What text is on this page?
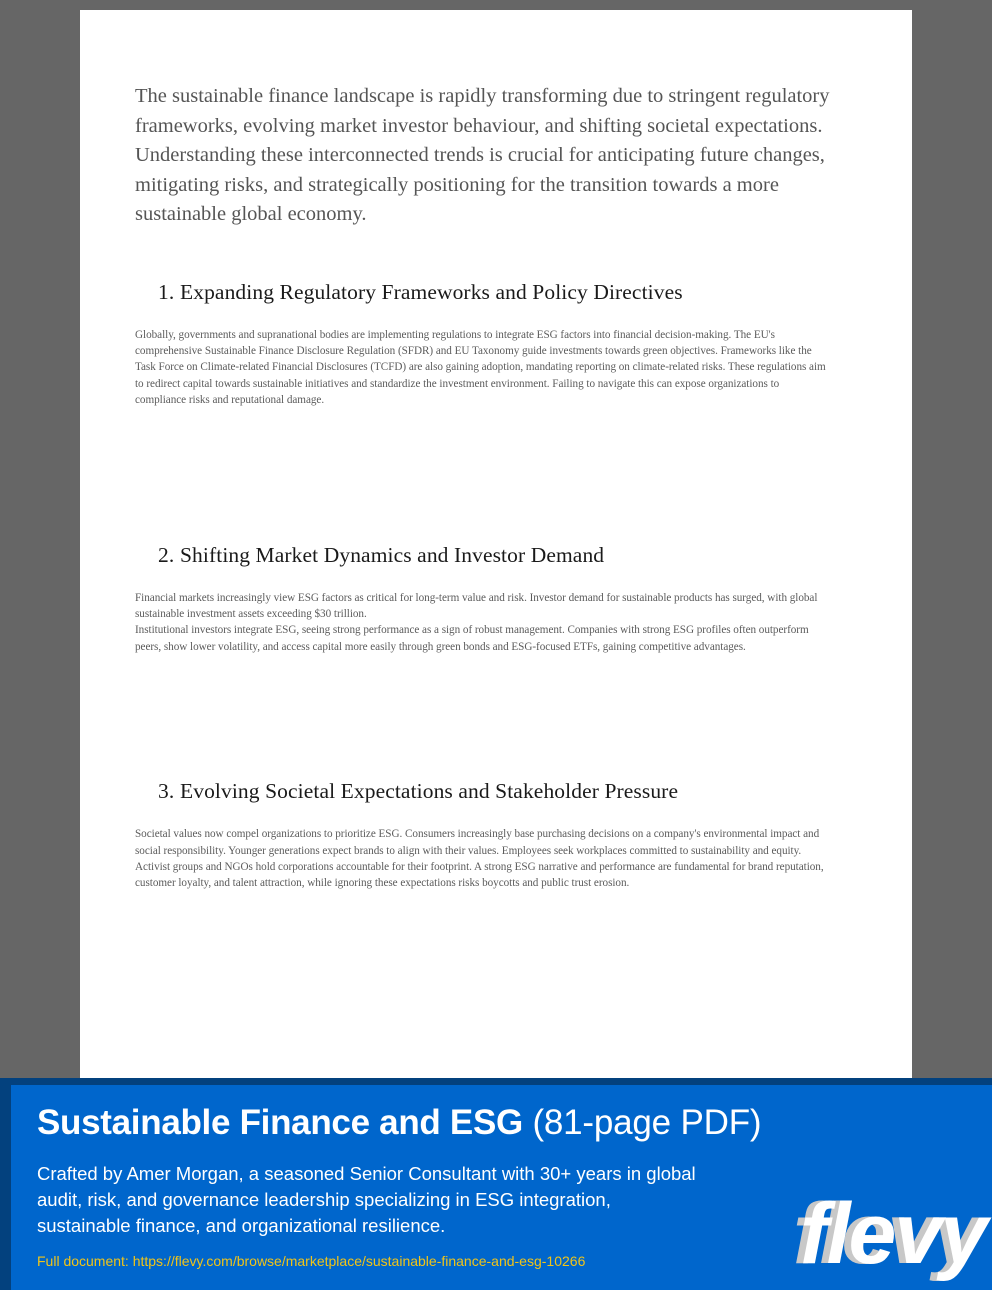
The sustainable finance landscape is rapidly transforming due to stringent regulatory frameworks, evolving market investor behaviour, and shifting societal expectations. Understanding these interconnected trends is crucial for anticipating future changes, mitigating risks, and strategically positioning for the transition towards a more sustainable global economy.

1. Expanding Regulatory Frameworks and Policy Directives

Globally, governments and supranational bodies are implementing regulations to integrate ESG factors into financial decision-making. The EU's comprehensive Sustainable Finance Disclosure Regulation (SFDR) and EU Taxonomy guide investments towards green objectives. Frameworks like the Task Force on Climate-related Financial Disclosures (TCFD) are also gaining adoption, mandating reporting on climate-related risks. These regulations aim to redirect capital towards sustainable initiatives and standardize the investment environment. Failing to navigate this can expose organizations to compliance risks and reputational damage.

2. Shifting Market Dynamics and Investor Demand

Financial markets increasingly view ESG factors as critical for long-term value and risk. Investor demand for sustainable products has surged, with global sustainable investment assets exceeding $30 trillion.

Institutional investors integrate ESG, seeing strong performance as a sign of robust management. Companies with strong ESG profiles often outperform peers, show lower volatility, and access capital more easily through green bonds and ESG-focused ETFs, gaining competitive advantages.

3. Evolving Societal Expectations and Stakeholder Pressure

Societal values now compel organizations to prioritize ESG. Consumers increasingly base purchasing decisions on a company's environmental impact and social responsibility. Younger generations expect brands to align with their values. Employees seek workplaces committed to sustainability and equity. Activist groups and NGOs hold corporations accountable for their footprint. A strong ESG narrative and performance are fundamental for brand reputation, customer loyalty, and talent attraction, while ignoring these expectations risks boycotts and public trust erosion.

Sustainable Finance and ESG (81-page PDF)

Crafted by Amer Morgan, a seasoned Senior Consultant with 30+ years in global audit, risk, and governance leadership specializing in ESG integration, sustainable finance, and organizational resilience.

Full document: https://flevy.com/browse/marketplace/sustainable-finance-and-esg-10266	flevy
